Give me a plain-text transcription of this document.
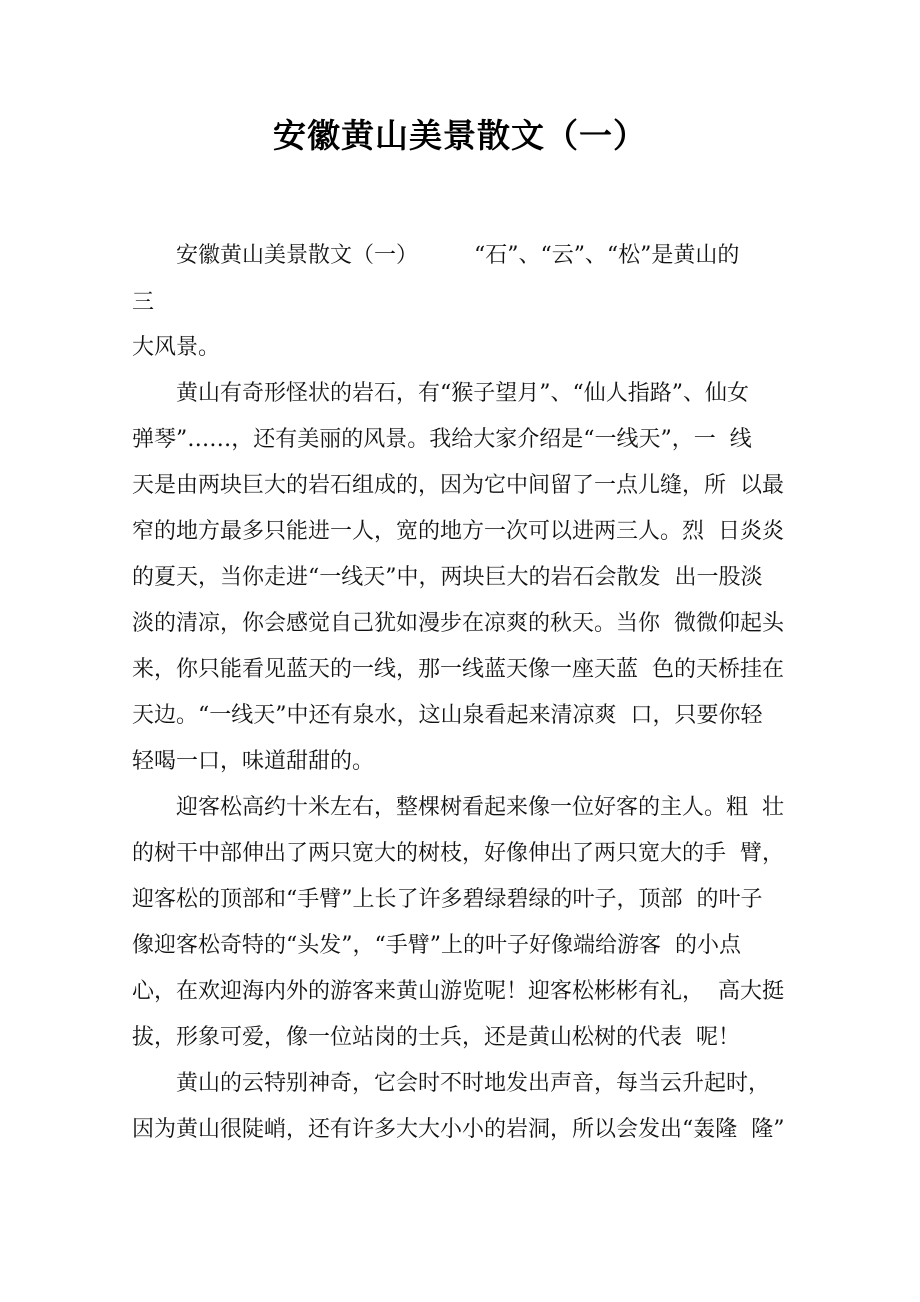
安徽黄山美景散文（一）
安徽黄山美景散文（一）        “石”、“云”、“松”是黄山的
三
大风景。
黄山有奇形怪状的岩石，有“猴子望月”、“仙人指路”、仙女
弹琴”……，还有美丽的风景。我给大家介绍是“一线天”，一  线
天是由两块巨大的岩石组成的，因为它中间留了一点儿缝，所  以最
窄的地方最多只能进一人，宽的地方一次可以进两三人。烈  日炎炎
的夏天，当你走进“一线天”中，两块巨大的岩石会散发  出一股淡
淡的清凉，你会感觉自己犹如漫步在凉爽的秋天。当你  微微仰起头
来，你只能看见蓝天的一线，那一线蓝天像一座天蓝  色的天桥挂在
天边。“一线天”中还有泉水，这山泉看起来清凉爽  口，只要你轻
轻喝一口，味道甜甜的。
迎客松高约十米左右，整棵树看起来像一位好客的主人。粗  壮
的树干中部伸出了两只宽大的树枝，好像伸出了两只宽大的手  臂，
迎客松的顶部和“手臂”上长了许多碧绿碧绿的叶子，顶部  的叶子
像迎客松奇特的“头发”，“手臂”上的叶子好像端给游客  的小点
心，在欢迎海内外的游客来黄山游览呢！迎客松彬彬有礼，  高大挺
拔，形象可爱，像一位站岗的士兵，还是黄山松树的代表  呢！
黄山的云特别神奇，它会时不时地发出声音，每当云升起时，
因为黄山很陡峭，还有许多大大小小的岩洞，所以会发出“轰隆  隆”
